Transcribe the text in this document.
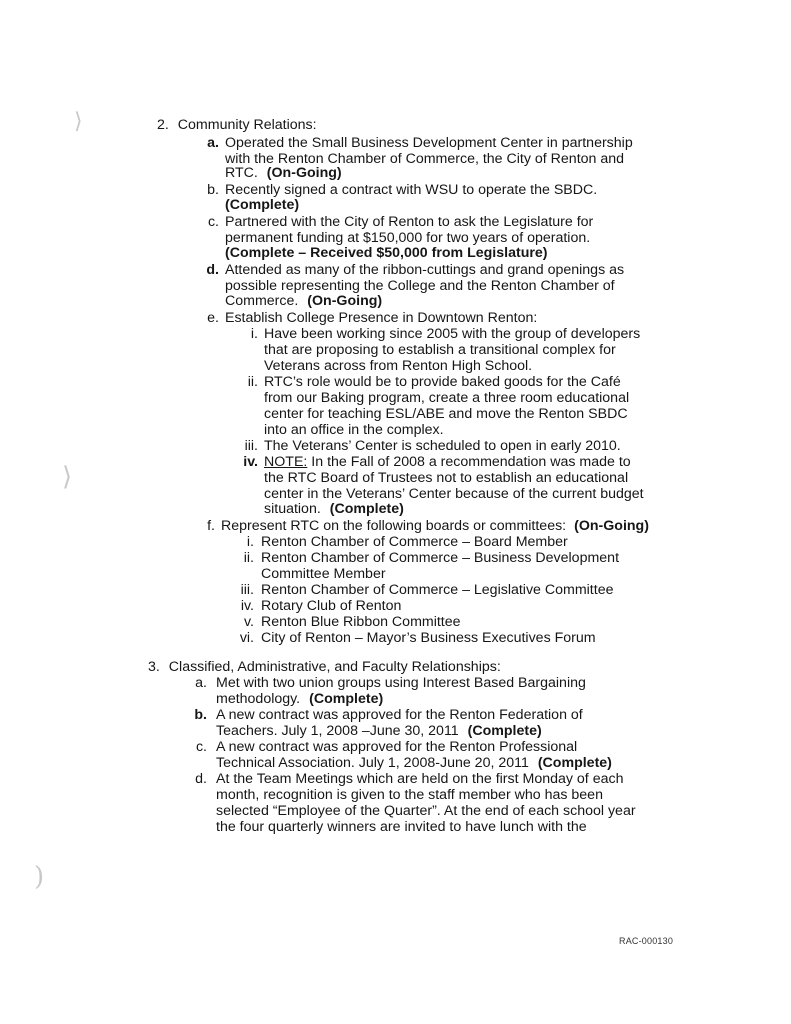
⟩
⟩
)
2. Community Relations:
a. Operated the Small Business Development Center in partnership
with the Renton Chamber of Commerce, the City of Renton and
RTC. (On-Going)
b. Recently signed a contract with WSU to operate the SBDC.
(Complete)
c. Partnered with the City of Renton to ask the Legislature for
permanent funding at $150,000 for two years of operation.
(Complete – Received $50,000 from Legislature)
d. Attended as many of the ribbon-cuttings and grand openings as
possible representing the College and the Renton Chamber of
Commerce. (On-Going)
e. Establish College Presence in Downtown Renton:
i. Have been working since 2005 with the group of developers
that are proposing to establish a transitional complex for
Veterans across from Renton High School.
ii. RTC’s role would be to provide baked goods for the Café
from our Baking program, create a three room educational
center for teaching ESL/ABE and move the Renton SBDC
into an office in the complex.
iii. The Veterans’ Center is scheduled to open in early 2010.
iv. NOTE: In the Fall of 2008 a recommendation was made to
the RTC Board of Trustees not to establish an educational
center in the Veterans’ Center because of the current budget
situation. (Complete)
f. Represent RTC on the following boards or committees: (On-Going)
i. Renton Chamber of Commerce – Board Member
ii. Renton Chamber of Commerce – Business Development
Committee Member
iii. Renton Chamber of Commerce – Legislative Committee
iv. Rotary Club of Renton
v. Renton Blue Ribbon Committee
vi. City of Renton – Mayor’s Business Executives Forum
3. Classified, Administrative, and Faculty Relationships:
a. Met with two union groups using Interest Based Bargaining
methodology. (Complete)
b. A new contract was approved for the Renton Federation of
Teachers. July 1, 2008 –June 30, 2011 (Complete)
c. A new contract was approved for the Renton Professional
Technical Association. July 1, 2008-June 20, 2011 (Complete)
d. At the Team Meetings which are held on the first Monday of each
month, recognition is given to the staff member who has been
selected “Employee of the Quarter”. At the end of each school year
the four quarterly winners are invited to have lunch with the
RAC-000130
